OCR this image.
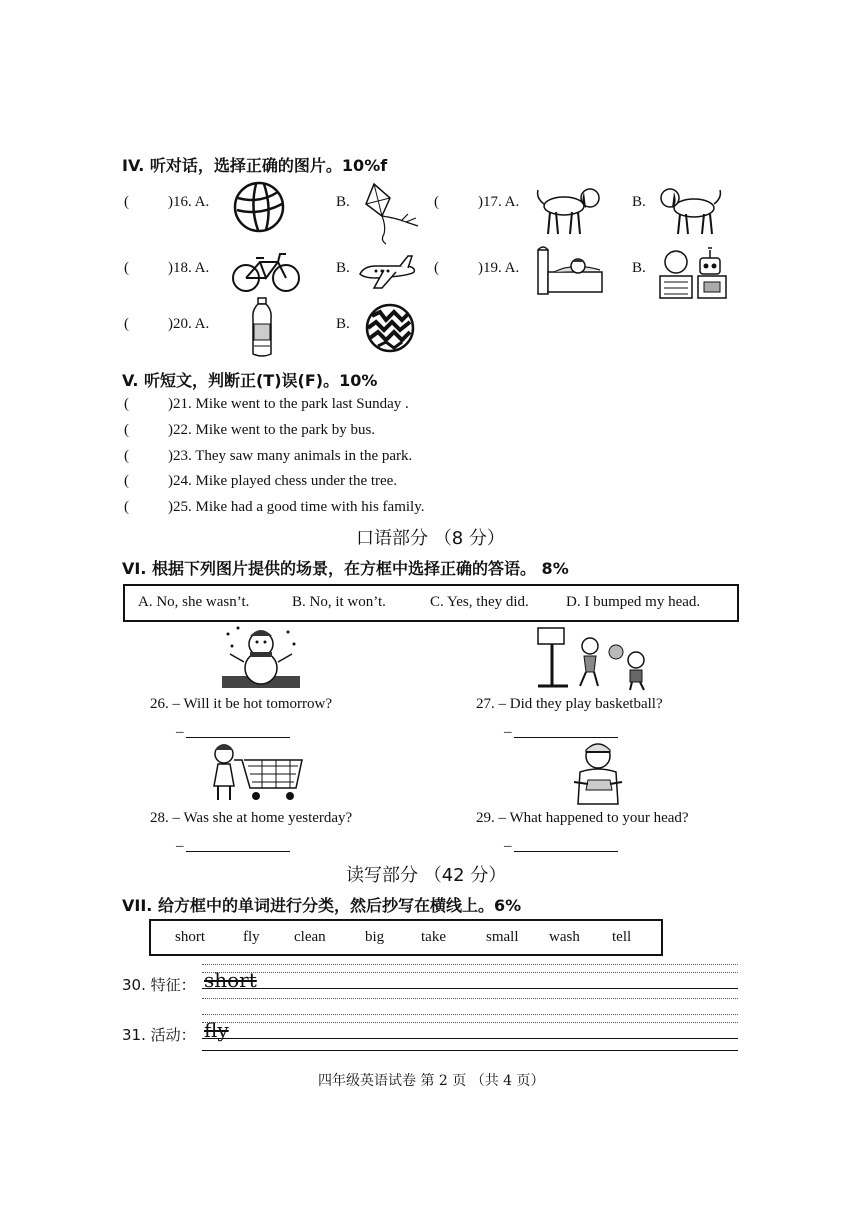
IV. 听对话，选择正确的图片。10%f
(	)16. A.	B.	(	)17. A.	B.
(	)18. A.	B.	(	)19. A.	B.
(	)20. A.	B.
V. 听短文，判断正(T)误(F)。10%
(	)21. Mike went to the park last Sunday .
(	)22. Mike went to the park by bus.
(	)23. They saw many animals in the park.
(	)24. Mike played chess under the tree.
(	)25. Mike had a good time with his family.
口语部分 （8 分）
VI. 根据下列图片提供的场景，在方框中选择正确的答语。 8%
A. No, she wasn’t.	B. No, it won’t.	C. Yes, they did. D. I bumped my head.
26. – Will it be hot tomorrow?	27. – Did they play basketball?
–	–
28. – Was she at home yesterday?	29. – What happened to your head?
–	–
读写部分 （42 分）
VII. 给方框中的单词进行分类，然后抄写在横线上。6%
short	fly clean	big take	small wash tell
30. 特征： short
31. 活动： fly
四年级英语试卷 第 2 页 （共 4 页）
